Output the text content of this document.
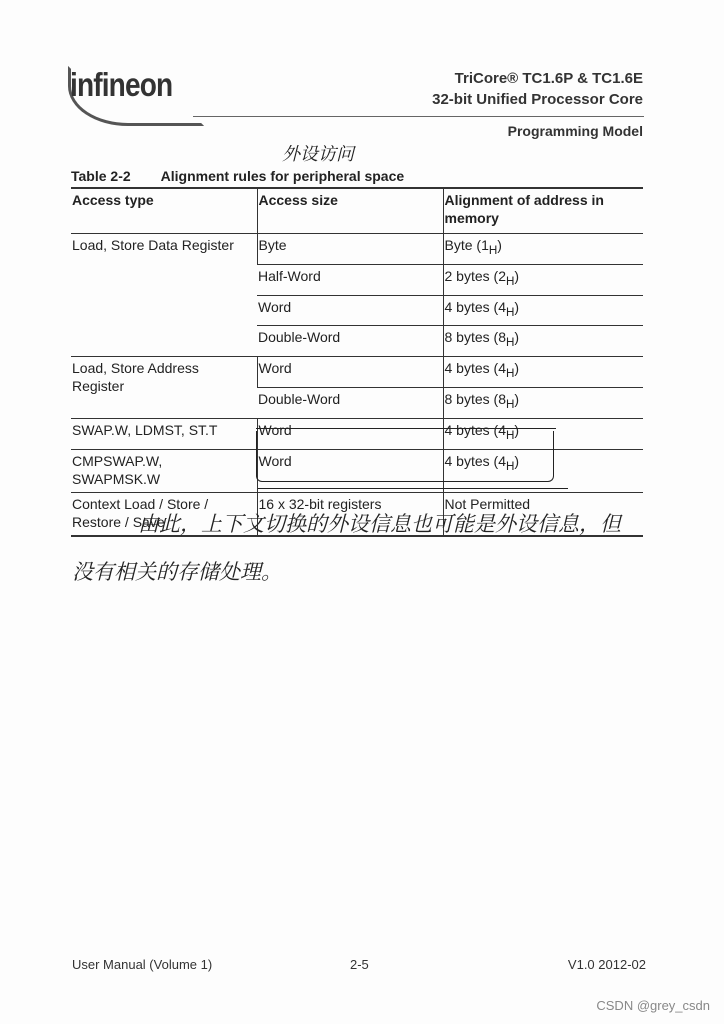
infineon	TriCore® TC1.6P & TC1.6E
32-bit Unified Processor Core
Programming Model
外设访问
Table 2-2 Alignment rules for peripheral space
Access type	Access size	Alignment of address in memory
Load, Store Data Register	Byte	Byte $(1_H)$
	Half-Word	2 bytes $(2_H)$
	Word	4 bytes $(4_H)$
	Double-Word	8 bytes $(8_H)$
Load, Store Address Register	Word	4 bytes $(4_H)$
	Double-Word	8 bytes $(8_H)$
SWAP.W, LDMST, ST.T	Word	4 bytes $(4_H)$
CMPSWAP.W, SWAPMSK.W	Word	4 bytes $(4_H)$
Context Load / Store / Restore / Save	16 x 32-bit registers	Not Permitted
由此，上下文切换的外设信息也可能是外设信息，但
没有相关的存储处理。
User Manual (Volume 1)	2-5	V1.0 2012-02
CSDN @grey_csdn
